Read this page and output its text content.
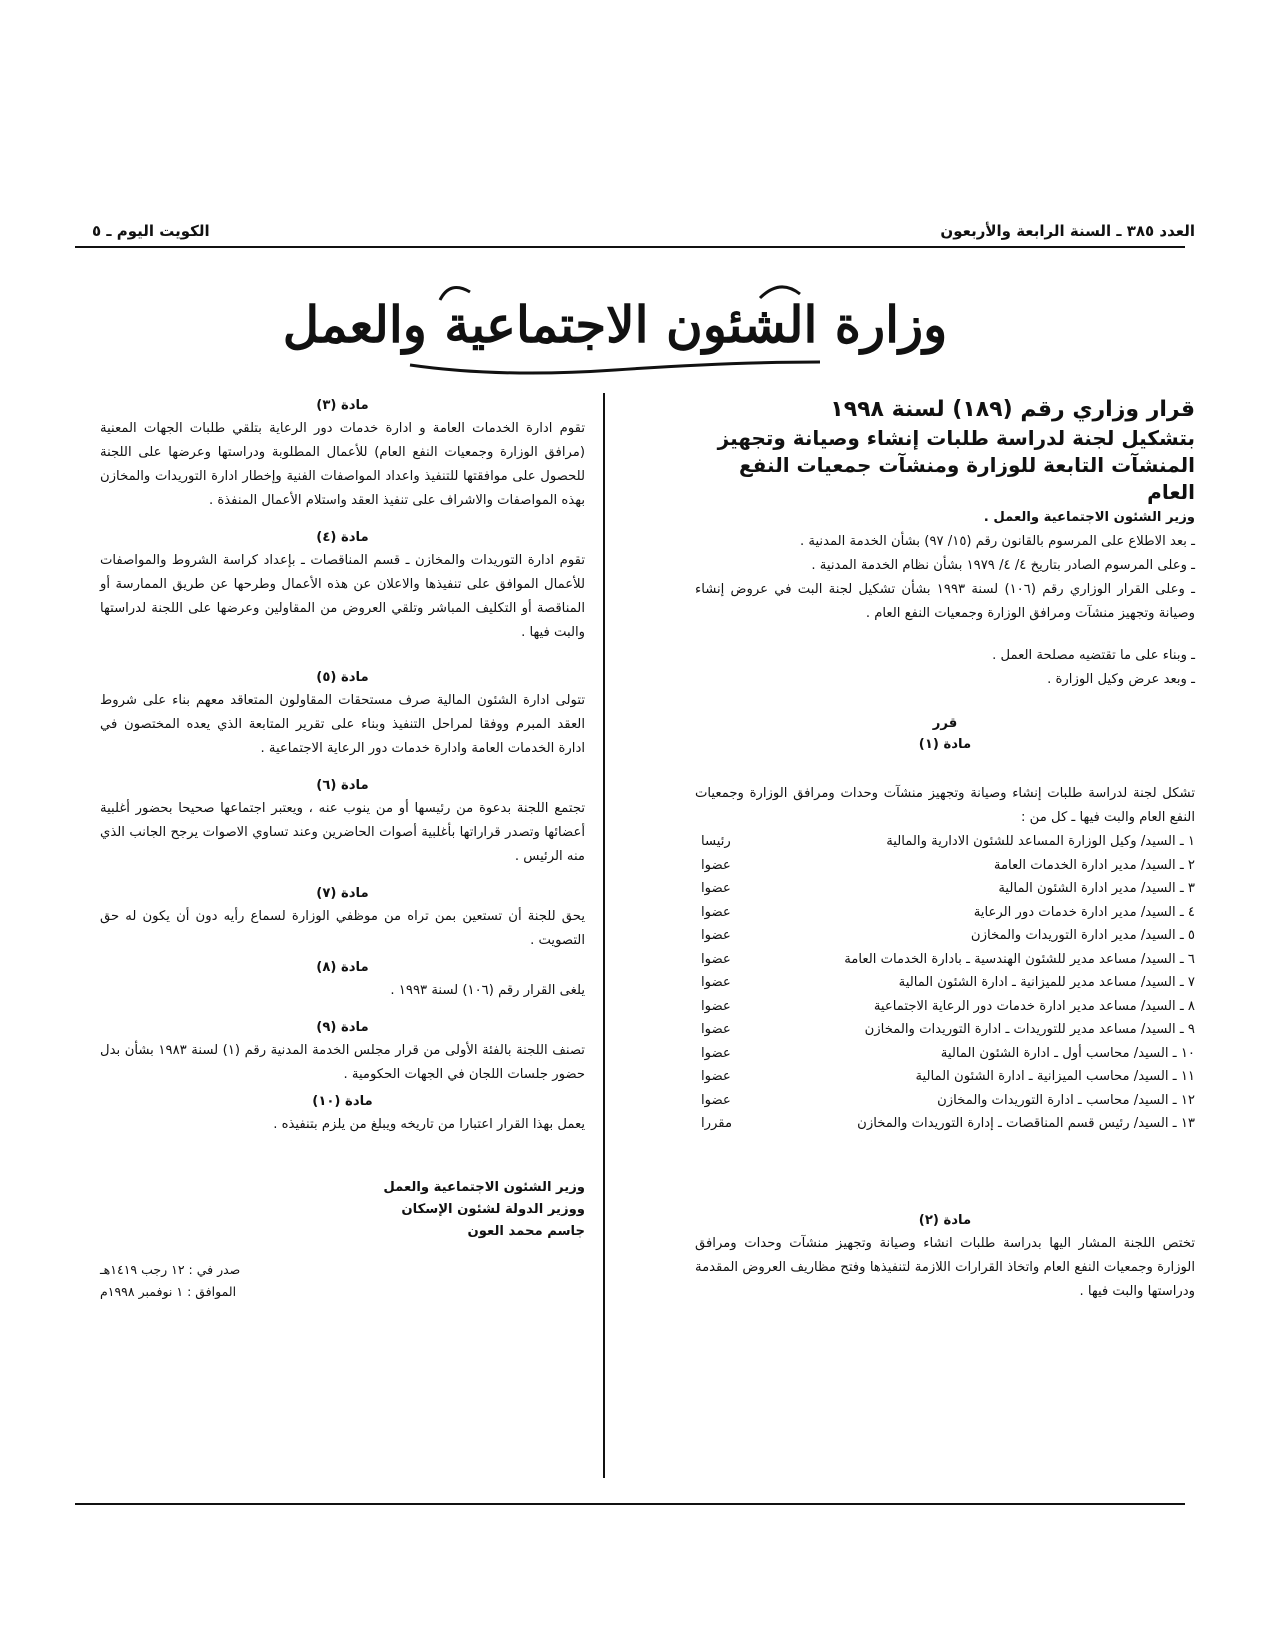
العدد ٣٨٥ ـ السنة الرابعة والأربعون
الكويت اليوم ـ ٥
وزارة الشئون الاجتماعية والعمل

قرار وزاري رقم (١٨٩) لسنة ١٩٩٨

بتشكيل لجنة لدراسة طلبات إنشاء وصيانة وتجهيز المنشآت التابعة للوزارة ومنشآت جمعيات النفع العام

وزير الشئون الاجتماعية والعمل .

ـ بعد الاطلاع على المرسوم بالقانون رقم (١٥/ ٩٧) بشأن الخدمة المدنية .

ـ وعلى المرسوم الصادر بتاريخ ٤/ ٤/ ١٩٧٩ بشأن نظام الخدمة المدنية .

ـ وعلى القرار الوزاري رقم (١٠٦) لسنة ١٩٩٣ بشأن تشكيل لجنة البت في عروض إنشاء وصيانة وتجهيز منشآت ومرافق الوزارة وجمعيات النفع العام .

ـ وبناء على ما تقتضيه مصلحة العمل .

ـ وبعد عرض وكيل الوزارة .

قرر
مادة (١)

تشكل لجنة لدراسة طلبات إنشاء وصيانة وتجهيز منشآت وحدات ومرافق الوزارة وجمعيات النفع العام والبت فيها ـ كل من :

١ ـ السيد/ وكيل الوزارة المساعد للشئون الادارية والمالية
رئيسا
٢ ـ السيد/ مدير ادارة الخدمات العامة
عضوا
٣ ـ السيد/ مدير ادارة الشئون المالية
عضوا
٤ ـ السيد/ مدير ادارة خدمات دور الرعاية
عضوا
٥ ـ السيد/ مدير ادارة التوريدات والمخازن
عضوا
٦ ـ السيد/ مساعد مدير للشئون الهندسية ـ بادارة الخدمات العامة
عضوا
٧ ـ السيد/ مساعد مدير للميزانية ـ ادارة الشئون المالية
عضوا
٨ ـ السيد/ مساعد مدير ادارة خدمات دور الرعاية الاجتماعية
عضوا
٩ ـ السيد/ مساعد مدير للتوريدات ـ ادارة التوريدات والمخازن
عضوا
١٠ ـ السيد/ محاسب أول ـ ادارة الشئون المالية
عضوا
١١ ـ السيد/ محاسب الميزانية ـ ادارة الشئون المالية
عضوا
١٢ ـ السيد/ محاسب ـ ادارة التوريدات والمخازن
عضوا
١٣ ـ السيد/ رئيس قسم المناقصات ـ إدارة التوريدات والمخازن
مقررا
مادة (٢)

تختص اللجنة المشار اليها بدراسة طلبات انشاء وصيانة وتجهيز منشآت وحدات ومرافق الوزارة وجمعيات النفع العام واتخاذ القرارات اللازمة لتنفيذها وفتح مظاريف العروض المقدمة ودراستها والبت فيها .

مادة (٣)

تقوم ادارة الخدمات العامة و ادارة خدمات دور الرعاية بتلقي طلبات الجهات المعنية (مرافق الوزارة وجمعيات النفع العام) للأعمال المطلوبة ودراستها وعرضها على اللجنة للحصول على موافقتها للتنفيذ واعداد المواصفات الفنية وإخطار ادارة التوريدات والمخازن بهذه المواصفات والاشراف على تنفيذ العقد واستلام الأعمال المنفذة .

مادة (٤)

تقوم ادارة التوريدات والمخازن ـ قسم المناقصات ـ بإعداد كراسة الشروط والمواصفات للأعمال الموافق على تنفيذها والاعلان عن هذه الأعمال وطرحها عن طريق الممارسة أو المناقصة أو التكليف المباشر وتلقي العروض من المقاولين وعرضها على اللجنة لدراستها والبت فيها .

مادة (٥)

تتولى ادارة الشئون المالية صرف مستحقات المقاولون المتعاقد معهم بناء على شروط العقد المبرم ووفقا لمراحل التنفيذ وبناء على تقرير المتابعة الذي يعده المختصون في ادارة الخدمات العامة وادارة خدمات دور الرعاية الاجتماعية .

مادة (٦)

تجتمع اللجنة بدعوة من رئيسها أو من ينوب عنه ، ويعتبر اجتماعها صحيحا بحضور أغلبية أعضائها وتصدر قراراتها بأغلبية أصوات الحاضرين وعند تساوي الاصوات يرجح الجانب الذي منه الرئيس .

مادة (٧)

يحق للجنة أن تستعين بمن تراه من موظفي الوزارة لسماع رأيه دون أن يكون له حق التصويت .

مادة (٨)

يلغى القرار رقم (١٠٦) لسنة ١٩٩٣ .

مادة (٩)

تصنف اللجنة بالفئة الأولى من قرار مجلس الخدمة المدنية رقم (١) لسنة ١٩٨٣ بشأن بدل حضور جلسات اللجان في الجهات الحكومية .

مادة (١٠)

يعمل بهذا القرار اعتبارا من تاريخه ويبلغ من يلزم بتنفيذه .

وزير الشئون الاجتماعية والعمل
ووزير الدولة لشئون الإسكان
جاسم محمد العون
صدر في : ١٢ رجب ١٤١٩هـ
الموافق : ١ نوفمبر ١٩٩٨م
